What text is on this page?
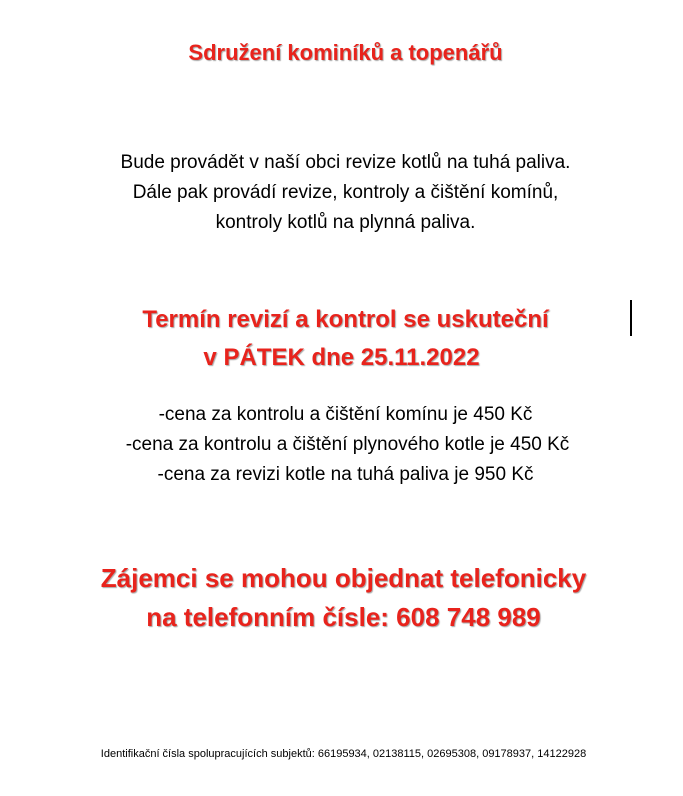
Sdružení kominíků a topenářů
Bude provádět v naší obci revize kotlů na tuhá paliva.
Dále pak provádí revize, kontroly a čištění komínů,
kontroly kotlů na plynná paliva.
Termín revizí a kontrol se uskuteční
v PÁTEK dne 25.11.2022
-cena za kontrolu a čištění komínu je 450 Kč
-cena za kontrolu a čištění plynového kotle je 450 Kč
-cena za revizi kotle na tuhá paliva je 950 Kč
Zájemci se mohou objednat telefonicky
na telefonním čísle: 608 748 989
Identifikační čísla spolupracujících subjektů: 66195934, 02138115, 02695308, 09178937, 14122928
